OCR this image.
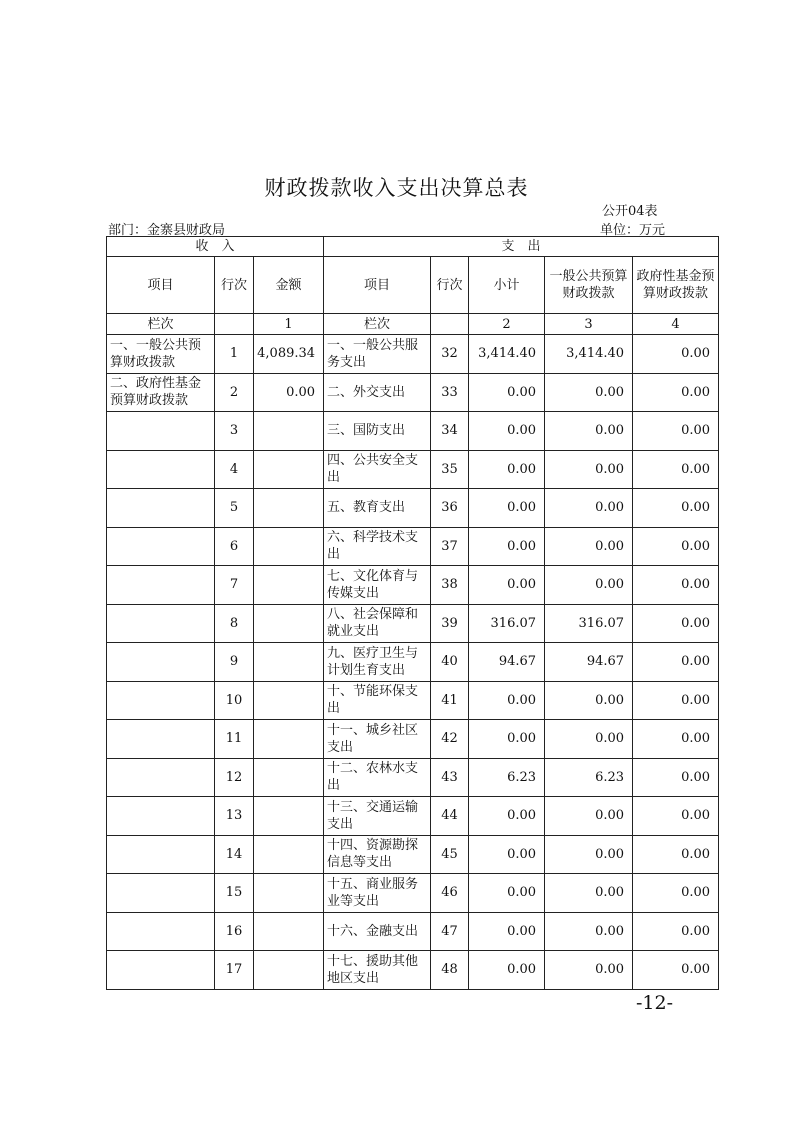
财政拨款收入支出决算总表
公开04表
部门：金寨县财政局	单位：万元
收　入			支　出				
项目	行次	金额	项目	行次	小计	一般公共预算财政拨款	政府性基金预算财政拨款
栏次		1	栏次		2	3	4
一、一般公共预算财政拨款	1	4,089.34	一、一般公共服务支出	32	3,414.40	3,414.40	0.00
二、政府性基金预算财政拨款	2	0.00	二、外交支出	33	0.00	0.00	0.00
	3		三、国防支出	34	0.00	0.00	0.00
	4		四、公共安全支出	35	0.00	0.00	0.00
	5		五、教育支出	36	0.00	0.00	0.00
	6		六、科学技术支出	37	0.00	0.00	0.00
	7		七、文化体育与传媒支出	38	0.00	0.00	0.00
	8		八、社会保障和就业支出	39	316.07	316.07	0.00
	9		九、医疗卫生与计划生育支出	40	94.67	94.67	0.00
	10		十、节能环保支出	41	0.00	0.00	0.00
	11		十一、城乡社区支出	42	0.00	0.00	0.00
	12		十二、农林水支出	43	6.23	6.23	0.00
	13		十三、交通运输支出	44	0.00	0.00	0.00
	14		十四、资源勘探信息等支出	45	0.00	0.00	0.00
	15		十五、商业服务业等支出	46	0.00	0.00	0.00
	16		十六、金融支出	47	0.00	0.00	0.00
	17		十七、援助其他地区支出	48	0.00	0.00	0.00
-12-
